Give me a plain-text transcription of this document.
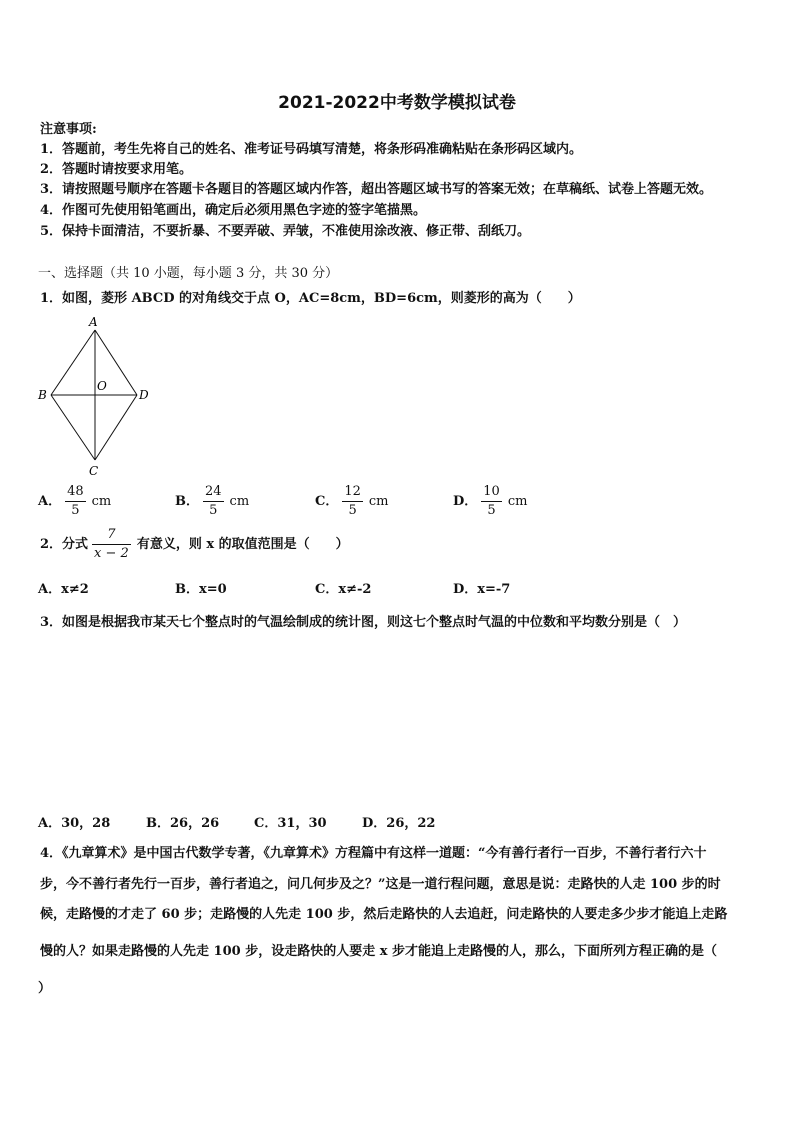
2021-2022中考数学模拟试卷
注意事项:
1．答题前，考生先将自己的姓名、准考证号码填写清楚，将条形码准确粘贴在条形码区域内。
2．答题时请按要求用笔。
3．请按照题号顺序在答题卡各题目的答题区域内作答，超出答题区域书写的答案无效；在草稿纸、试卷上答题无效。
4．作图可先使用铅笔画出，确定后必须用黑色字迹的签字笔描黑。
5．保持卡面清洁，不要折暴、不要弄破、弄皱，不准使用涂改液、修正带、刮纸刀。
一、选择题（共 10 小题，每小题 3 分，共 30 分）
1．如图，菱形 ABCD 的对角线交于点 O，AC=8cm，BD=6cm，则菱形的高为（　　）
A
B	D
C
O
A． $\frac{48}{5}$ cm	B． $\frac{24}{5}$ cm	C． $\frac{12}{5}$ cm	D． $\frac{10}{5}$ cm
2．分式 $\frac{7}{x - 2}$ 有意义，则 x 的取值范围是（　　）
A．x≠2	B．x=0	C．x≠-2	D．x=-7
3．如图是根据我市某天七个整点时的气温绘制成的统计图，则这七个整点时气温的中位数和平均数分别是（　）
A．30，28	B．26，26	C．31，30	D．26，22
4．《九章算术》是中国古代数学专著，《九章算术》方程篇中有这样一道题：“今有善行者行一百步，不善行者行六十
步，今不善行者先行一百步，善行者追之，问几何步及之？”这是一道行程问题，意思是说：走路快的人走 100 步的时
候，走路慢的才走了 60 步；走路慢的人先走 100 步，然后走路快的人去追赶，问走路快的人要走多少步才能追上走路
慢的人？如果走路慢的人先走 100 步，设走路快的人要走 x 步才能追上走路慢的人，那么，下面所列方程正确的是（
）
